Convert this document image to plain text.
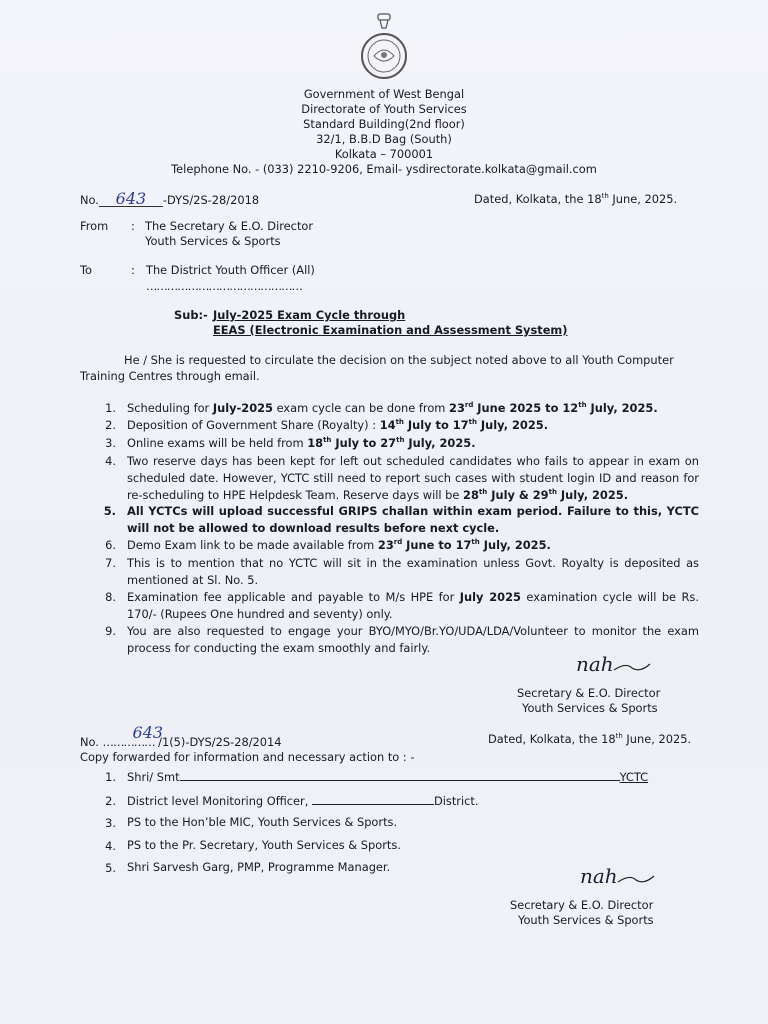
Government of West Bengal
Directorate of Youth Services
Standard Building(2nd floor)
32/1, B.B.D Bag (South)
Kolkata – 700001
Telephone No. - (033) 2210-9206, Email- ysdirectorate.kolkata@gmail.com
No. 643 -DYS/2S-28/2018	Dated, Kolkata, the 18th June, 2025.
From : The Secretary & E.O. Director
Youth Services & Sports
To	: The District Youth Officer (All)
………………………………………
Sub:- July-2025 Exam Cycle through
EEAS (Electronic Examination and Assessment System)
He / She is requested to circulate the decision on the subject noted above to all Youth Computer
Training Centres through email.
1. Scheduling for July-2025 exam cycle can be done from 23rd June 2025 to 12th July, 2025.
2. Deposition of Government Share (Royalty) : 14th July to 17th July, 2025.
3. Online exams will be held from 18th July to 27th July, 2025.
4. Two reserve days has been kept for left out scheduled candidates who fails to appear in exam on scheduled date. However, YCTC still need to report such cases with student login ID and reason for re-scheduling to HPE Helpdesk Team. Reserve days will be 28th July & 29th July, 2025.
5. All YCTCs will upload successful GRIPS challan within exam period. Failure to this, YCTC will not be allowed to download results before next cycle.
6. Demo Exam link to be made available from 23rd June to 17th July, 2025.
7. This is to mention that no YCTC will sit in the examination unless Govt. Royalty is deposited as mentioned at Sl. No. 5.
8. Examination fee applicable and payable to M/s HPE for July 2025 examination cycle will be Rs. 170/- (Rupees One hundred and seventy) only.
9. You are also requested to engage your BYO/MYO/Br.YO/UDA/LDA/Volunteer to monitor the exam process for conducting the exam smoothly and fairly.
nah
Secretary & E.O. Director
Youth Services & Sports
No. ……………
643
/1(5)-DYS/2S-28/2014	Dated, Kolkata, the 18th June, 2025.
Copy forwarded for information and necessary action to : -
1. Shri/ Smt	YCTC
2. District level Monitoring Officer,	District.
3. PS to the Hon’ble MIC, Youth Services & Sports.
4. PS to the Pr. Secretary, Youth Services & Sports.
5. Shri Sarvesh Garg, PMP, Programme Manager.	nah
Secretary & E.O. Director
Youth Services & Sports
